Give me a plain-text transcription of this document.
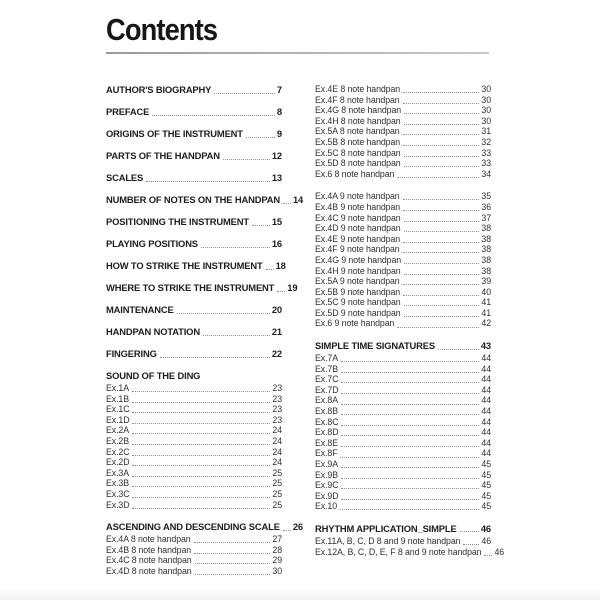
Contents
AUTHOR'S BIOGRAPHY	7
PREFACE	8
ORIGINS OF THE INSTRUMENT	9
PARTS OF THE HANDPAN	12
SCALES	13
NUMBER OF NOTES ON THE HANDPAN 14
POSITIONING THE INSTRUMENT 15
PLAYING POSITIONS	16
HOW TO STRIKE THE INSTRUMENT 18
WHERE TO STRIKE THE INSTRUMENT 19
MAINTENANCE	20
HANDPAN NOTATION	21
FINGERING	22
SOUND OF THE DING
Ex.1A	23
Ex.1B	23
Ex.1C	23
Ex.1D	23
Ex.2A	24
Ex.2B	24
Ex.2C	24
Ex.2D	24
Ex.3A	25
Ex.3B	25
Ex.3C	25
Ex.3D	25
ASCENDING AND DESCENDING SCALE 26
Ex.4A 8 note handpan	27
Ex.4B 8 note handpan	28
Ex.4C 8 note handpan	29
Ex.4D 8 note handpan	30
Ex.4E 8 note handpan	30
Ex.4F 8 note handpan	30
Ex.4G 8 note handpan	30
Ex.4H 8 note handpan	30
Ex.5A 8 note handpan	31
Ex.5B 8 note handpan	32
Ex.5C 8 note handpan	33
Ex.5D 8 note handpan	33
Ex.6 8 note handpan	34
Ex.4A 9 note handpan	35
Ex.4B 9 note handpan	36
Ex.4C 9 note handpan	37
Ex.4D 9 note handpan	38
Ex.4E 9 note handpan	38
Ex.4F 9 note handpan	38
Ex.4G 9 note handpan	38
Ex.4H 9 note handpan	38
Ex.5A 9 note handpan	39
Ex.5B 9 note handpan	40
Ex.5C 9 note handpan	41
Ex.5D 9 note handpan	41
Ex.6 9 note handpan	42
SIMPLE TIME SIGNATURES	43
Ex.7A	44
Ex.7B	44
Ex.7C	44
Ex.7D	44
Ex.8A	44
Ex.8B	44
Ex.8C	44
Ex.8D	44
Ex.8E	44
Ex.8F	44
Ex.9A	45
Ex.9B	45
Ex.9C	45
Ex.9D	45
Ex.10	45
RHYTHM APPLICATION_SIMPLE	46
Ex.11A, B, C, D 8 and 9 note handpan 46
Ex.12A, B, C, D, E, F 8 and 9 note handpan 46
